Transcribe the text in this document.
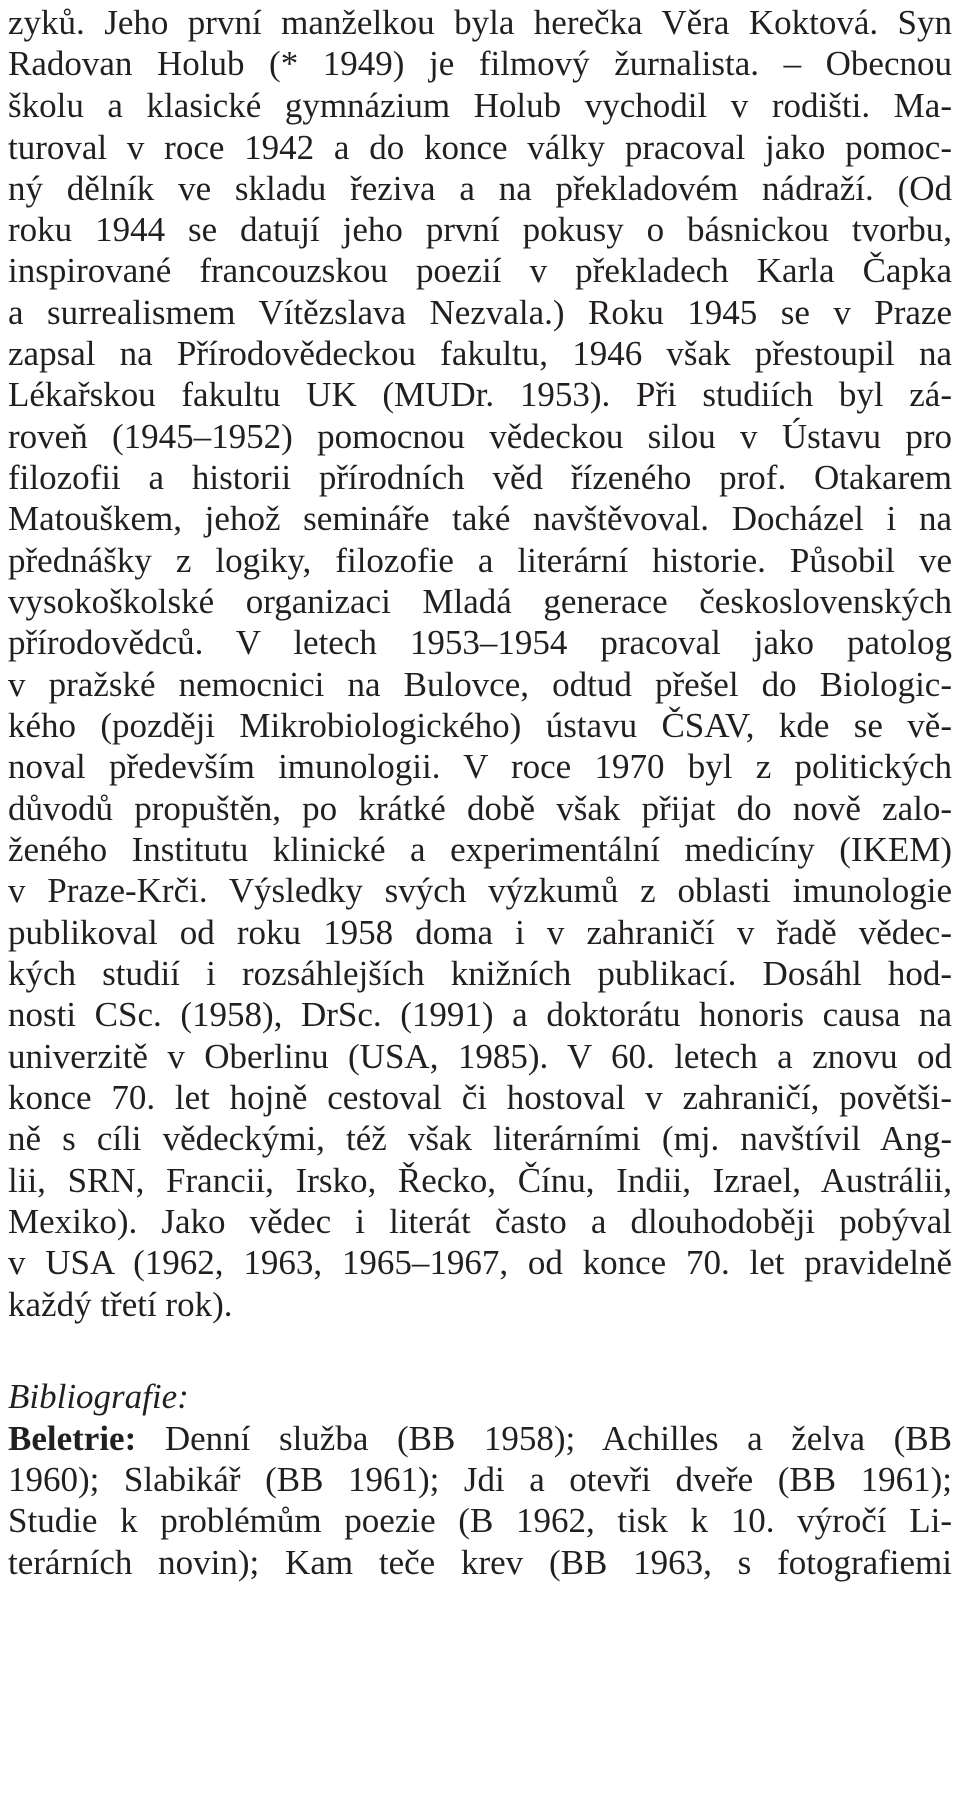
zyků. Jeho první manželkou byla herečka Věra Koktová. Syn
Radovan Holub (* 1949) je filmový žurnalista. – Obecnou
školu a klasické gymnázium Holub vychodil v rodišti. Ma-
turoval v roce 1942 a do konce války pracoval jako pomoc-
ný dělník ve skladu řeziva a na překladovém nádraží. (Od
roku 1944 se datují jeho první pokusy o básnickou tvorbu,
inspirované francouzskou poezií v překladech Karla Čapka
a surrealismem Vítězslava Nezvala.) Roku 1945 se v Praze
zapsal na Přírodovědeckou fakultu, 1946 však přestoupil na
Lékařskou fakultu UK (MUDr. 1953). Při studiích byl zá-
roveň (1945–1952) pomocnou vědeckou silou v Ústavu pro
filozofii a historii přírodních věd řízeného prof. Otakarem
Matouškem, jehož semináře také navštěvoval. Docházel i na
přednášky z logiky, filozofie a literární historie. Působil ve
vysokoškolské organizaci Mladá generace československých
přírodovědců. V letech 1953–1954 pracoval jako patolog
v pražské nemocnici na Bulovce, odtud přešel do Biologic-
kého (později Mikrobiologického) ústavu ČSAV, kde se vě-
noval především imunologii. V roce 1970 byl z politických
důvodů propuštěn, po krátké době však přijat do nově zalo-
ženého Institutu klinické a experimentální medicíny (IKEM)
v Praze-Krči. Výsledky svých výzkumů z oblasti imunologie
publikoval od roku 1958 doma i v zahraničí v řadě vědec-
kých studií i rozsáhlejších knižních publikací. Dosáhl hod-
nosti CSc. (1958), DrSc. (1991) a doktorátu honoris causa na
univerzitě v Oberlinu (USA, 1985). V 60. letech a znovu od
konce 70. let hojně cestoval či hostoval v zahraničí, povětši-
ně s cíli vědeckými, též však literárními (mj. navštívil Ang-
lii, SRN, Francii, Irsko, Řecko, Čínu, Indii, Izrael, Austrálii,
Mexiko). Jako vědec i literát často a dlouhodoběji pobýval
v USA (1962, 1963, 1965–1967, od konce 70. let pravidelně
každý třetí rok).
Bibliografie:
Beletrie: Denní služba (BB 1958); Achilles a želva (BB
1960); Slabikář (BB 1961); Jdi a otevři dveře (BB 1961);
Studie k problémům poezie (B 1962, tisk k 10. výročí Li-
terárních novin); Kam teče krev (BB 1963, s fotografiemi
